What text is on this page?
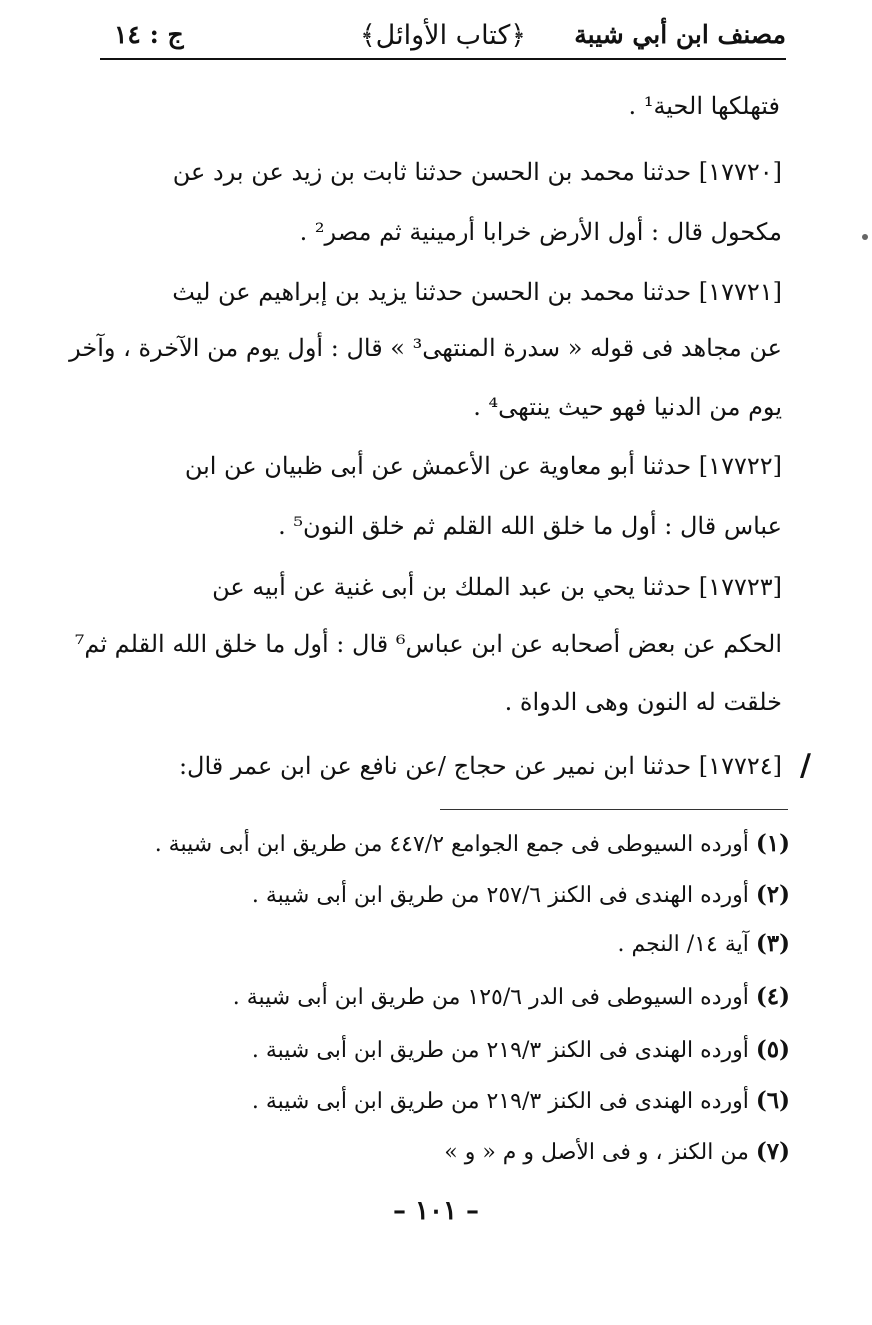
مصنف ابن أبي شيبة
﴿كتاب الأوائل﴾
ج : ١٤
فتهلكها الحية¹ .
[١٧٧٢٠] حدثنا محمد بن الحسن حدثنا ثابت بن زيد عن برد عن
مكحول قال : أول الأرض خرابا أرمينية ثم مصر² .
[١٧٧٢١] حدثنا محمد بن الحسن حدثنا يزيد بن إبراهيم عن ليث
عن مجاهد فى قوله « سدرة المنتهى³ » قال : أول يوم من الآخرة ، وآخر
يوم من الدنيا فهو حيث ينتهى⁴ .
[١٧٧٢٢] حدثنا أبو معاوية عن الأعمش عن أبى ظبيان عن ابن
عباس قال : أول ما خلق الله القلم ثم خلق النون⁵ .
[١٧٧٢٣] حدثنا يحي بن عبد الملك بن أبى غنية عن أبيه عن
الحكم عن بعض أصحابه عن ابن عباس⁶ قال : أول ما خلق الله القلم ثم⁷
خلقت له النون وهى الدواة .
[١٧٧٢٤] حدثنا ابن نمير عن حجاج /عن نافع عن ابن عمر قال: /
(١) أورده السيوطى فى جمع الجوامع ٤٤٧/٢ من طريق ابن أبى شيبة .
(٢) أورده الهندى فى الكنز ٢٥٧/٦ من طريق ابن أبى شيبة .
(٣) آية ١٤/ النجم .
(٤) أورده السيوطى فى الدر ١٢٥/٦ من طريق ابن أبى شيبة .
(٥) أورده الهندى فى الكنز ٢١٩/٣ من طريق ابن أبى شيبة .
(٦) أورده الهندى فى الكنز ٢١٩/٣ من طريق ابن أبى شيبة .
(٧) من الكنز ، و فى الأصل و م « و »
– ١٠١ –
